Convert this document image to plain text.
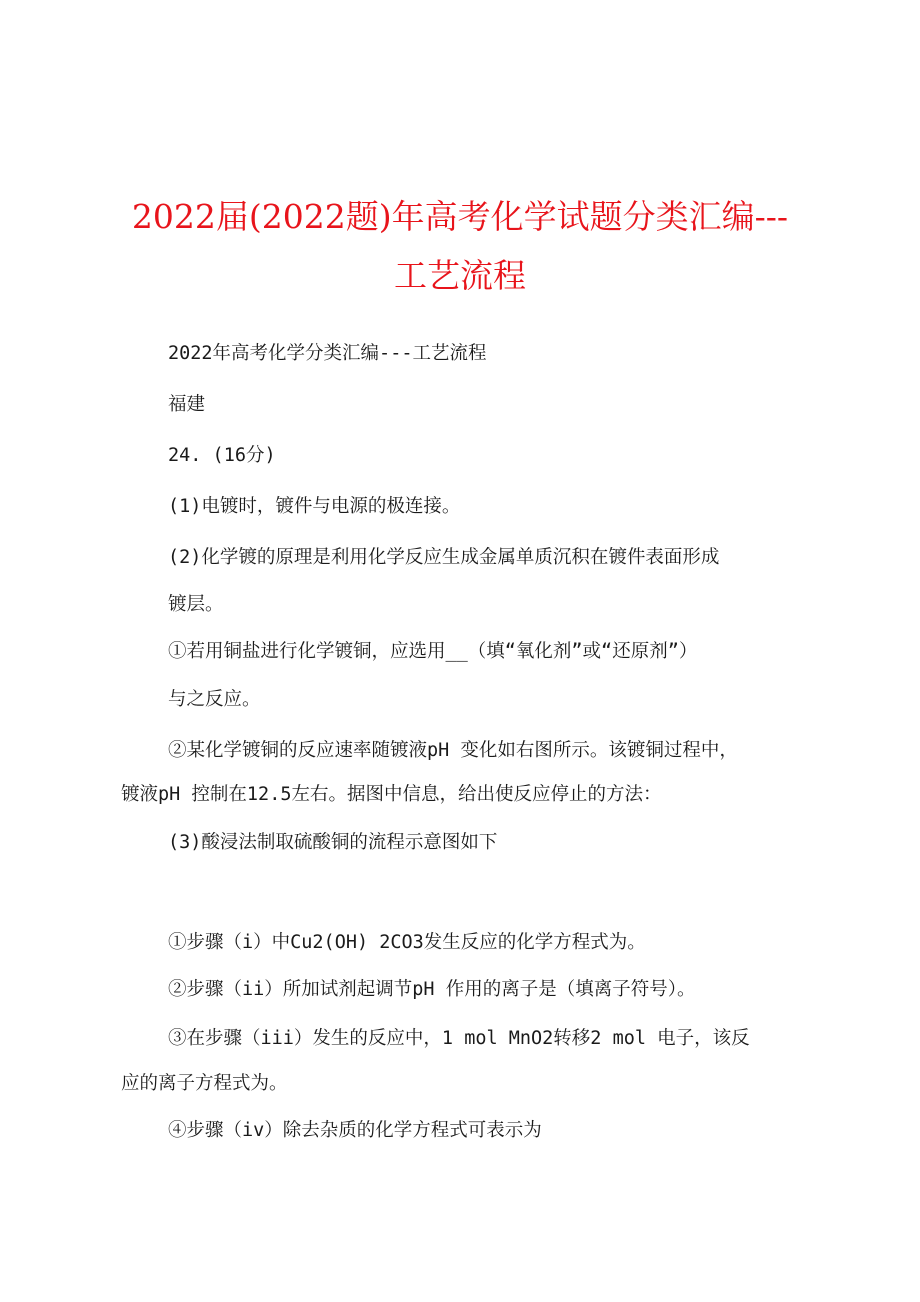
2022届(2022题)年高考化学试题分类汇编---
工艺流程

2022年高考化学分类汇编---工艺流程

福建

24. (16分)

(1)电镀时，镀件与电源的极连接。

(2)化学镀的原理是利用化学反应生成金属单质沉积在镀件表面形成

镀层。

①若用铜盐进行化学镀铜，应选用__（填“氧化剂”或“还原剂”）

与之反应。

②某化学镀铜的反应速率随镀液pH 变化如右图所示。该镀铜过程中，

镀液pH 控制在12.5左右。据图中信息，给出使反应停止的方法：

(3)酸浸法制取硫酸铜的流程示意图如下

①步骤（i）中Cu2(OH) 2CO3发生反应的化学方程式为。

②步骤（ii）所加试剂起调节pH 作用的离子是（填离子符号）。

③在步骤（iii）发生的反应中，1 mol MnO2转移2 mol 电子，该反

应的离子方程式为。

④步骤（iv）除去杂质的化学方程式可表示为
